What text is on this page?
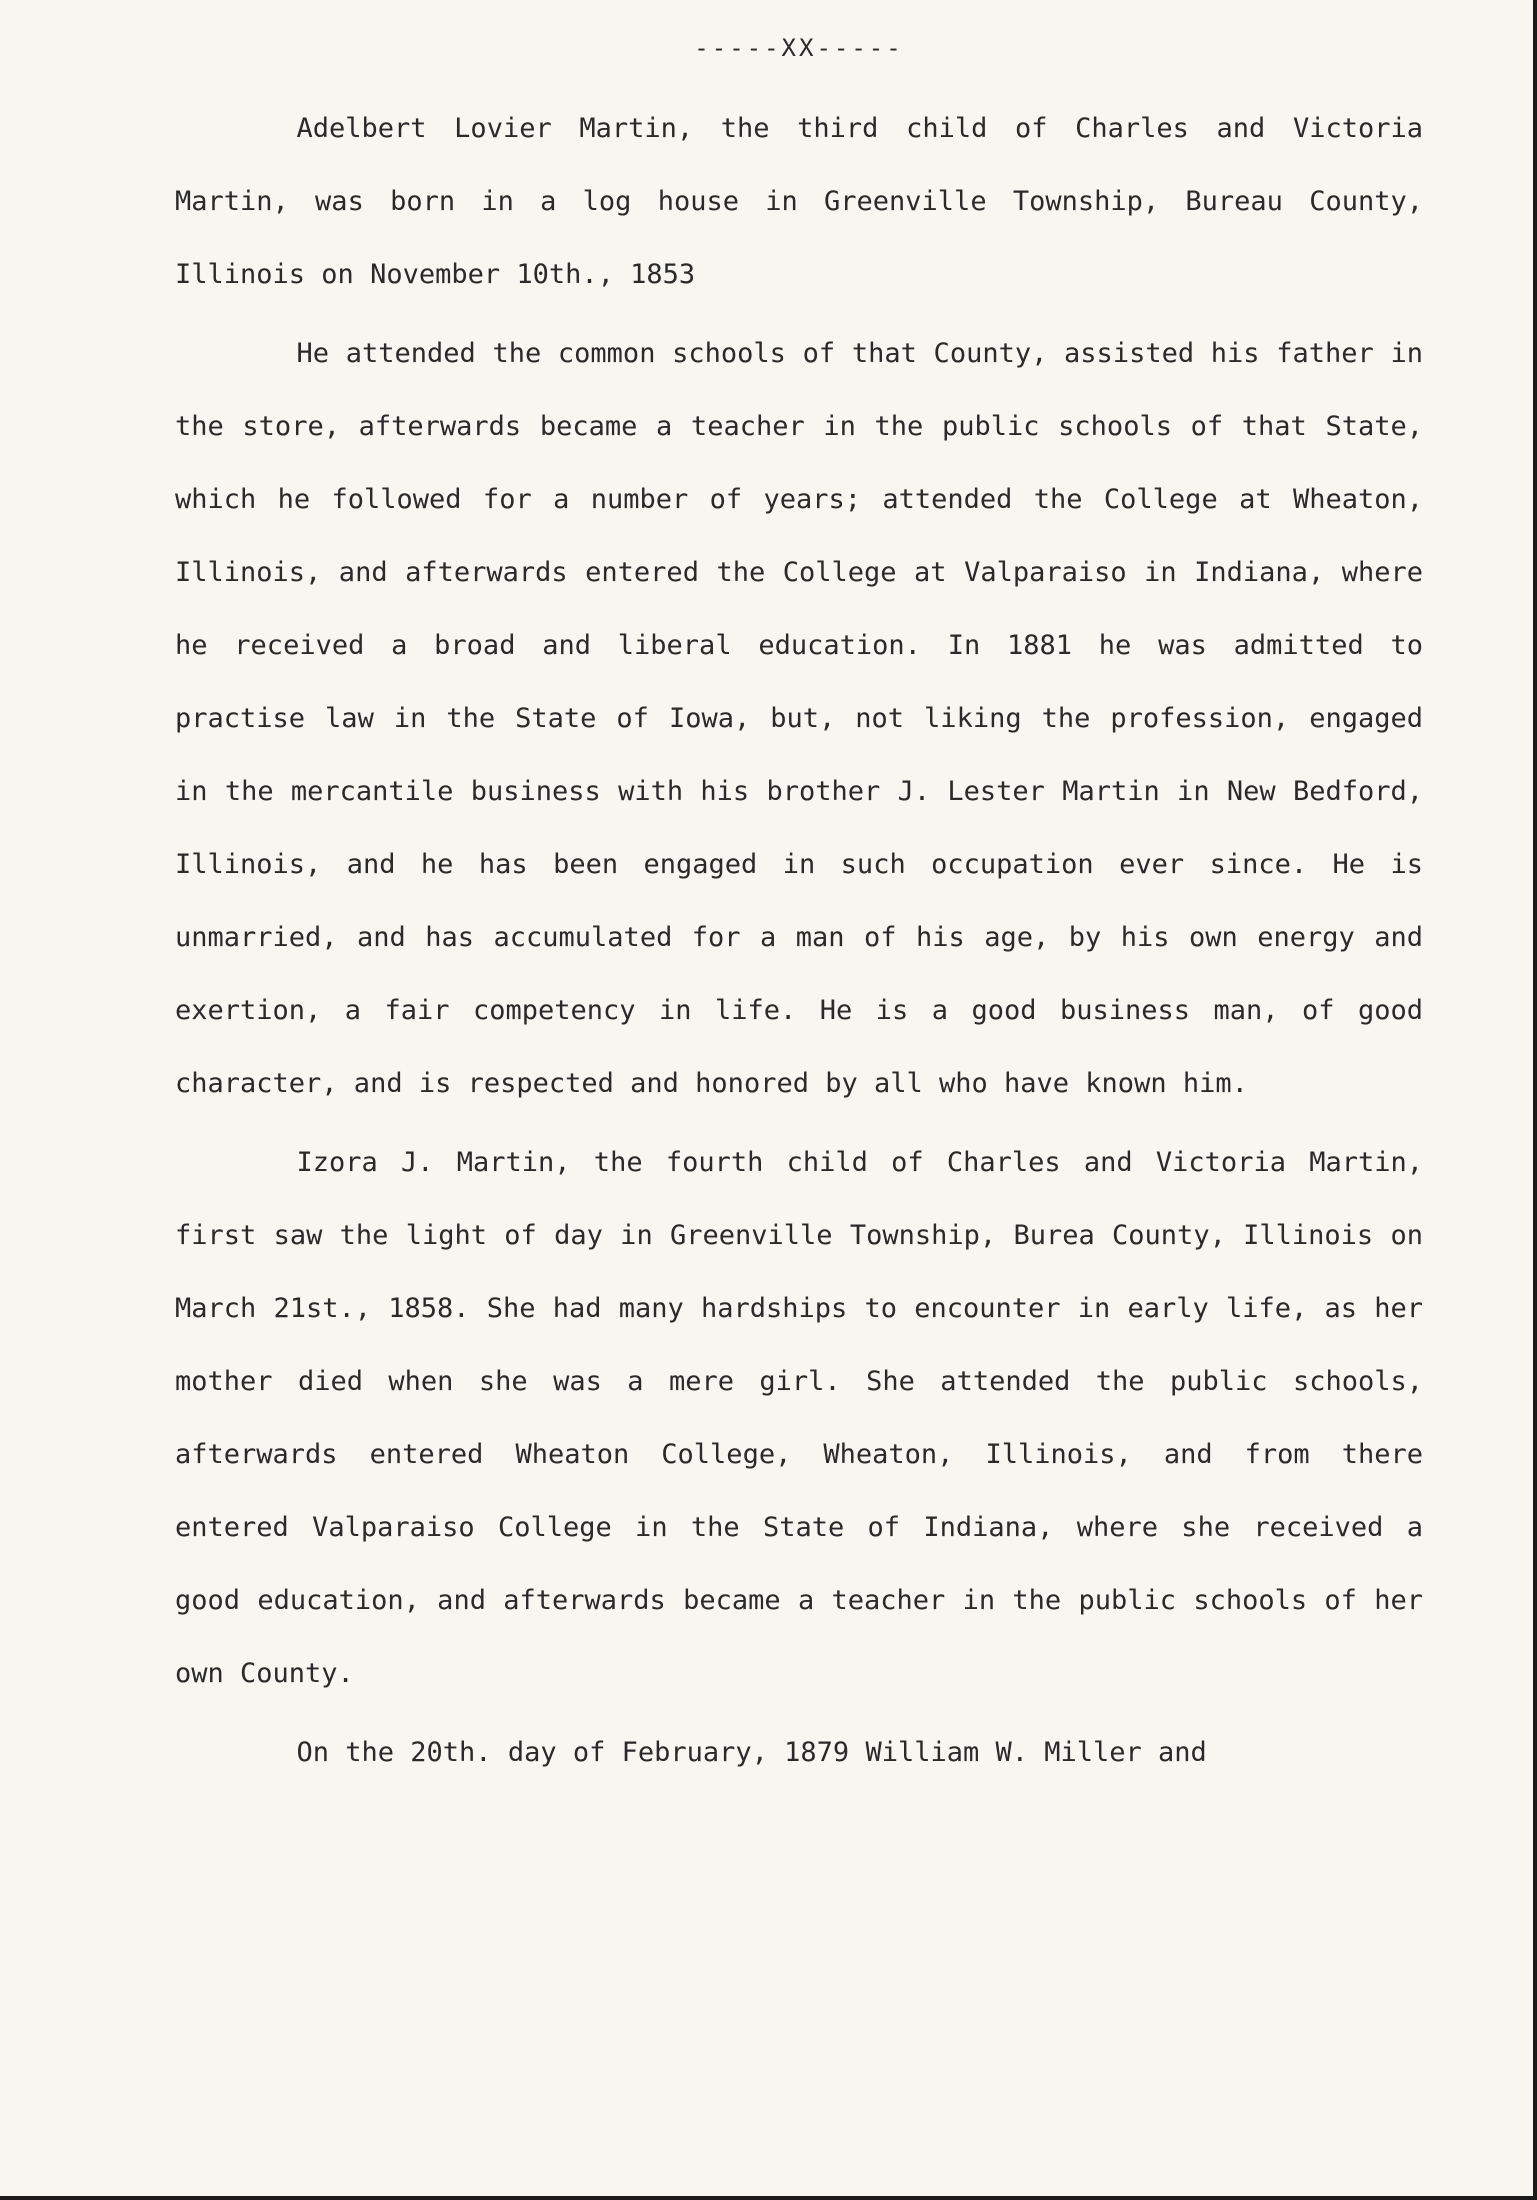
-----XX-----

Adelbert Lovier Martin, the third child of Charles and Victoria Martin, was born in a log house in Greenville Township, Bureau County, Illinois on November 10th., 1853

He attended the common schools of that County, assisted his father in the store, afterwards became a teacher in the public schools of that State, which he followed for a number of years; attended the College at Wheaton, Illinois, and afterwards entered the College at Valparaiso in Indiana, where he received a broad and liberal education. In 1881 he was admitted to practise law in the State of Iowa, but, not liking the profession, engaged in the mercantile business with his brother J. Lester Martin in New Bedford, Illinois, and he has been engaged in such occupation ever since. He is unmarried, and has accumulated for a man of his age, by his own energy and exertion, a fair competency in life. He is a good business man, of good character, and is respected and honored by all who have known him.

Izora J. Martin, the fourth child of Charles and Victoria Martin, first saw the light of day in Greenville Township, Burea County, Illinois on March 21st., 1858. She had many hardships to encounter in early life, as her mother died when she was a mere girl. She attended the public schools, afterwards entered Wheaton College, Wheaton, Illinois, and from there entered Valparaiso College in the State of Indiana, where she received a good education, and afterwards became a teacher in the public schools of her own County.

On the 20th. day of February, 1879 William W. Miller and
